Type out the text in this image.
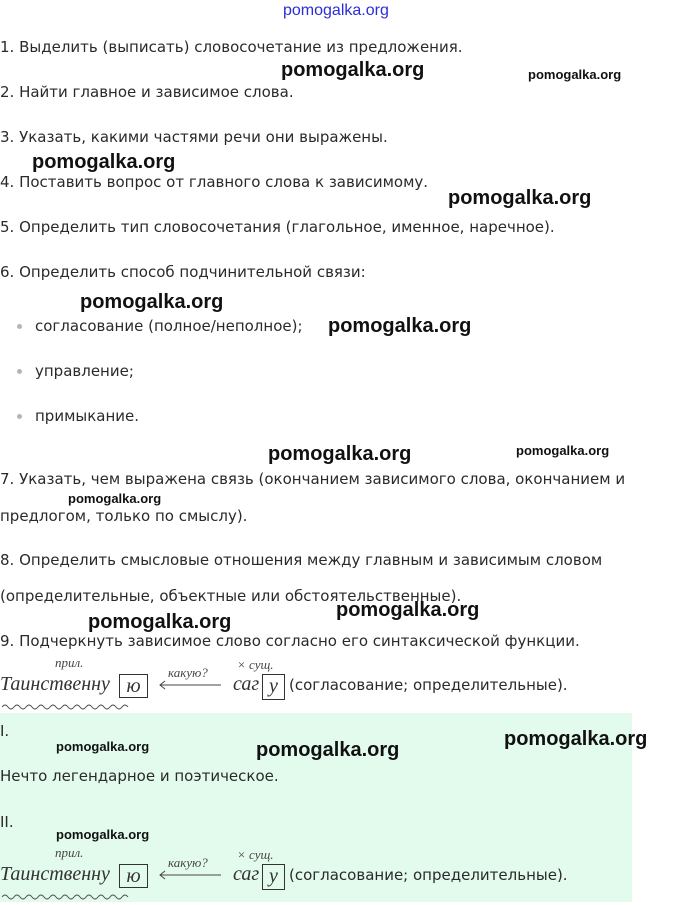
pomogalka.org
1. Выделить (выписать) словосочетание из предложения.
2. Найти главное и зависимое слова.
3. Указать, какими частями речи они выражены.
4. Поставить вопрос от главного слова к зависимому.
5. Определить тип словосочетания (глагольное, именное, наречное).
6. Определить способ подчинительной связи:
согласование (полное/неполное);
управление;
примыкание.
7. Указать, чем выражена связь (окончанием зависимого слова, окончанием и
предлогом, только по смыслу).
8. Определить смысловые отношения между главным и зависимым словом
(определительные, объектные или обстоятельственные).
9. Подчеркнуть зависимое слово согласно его синтаксической функции.
прил.
какую?
× сущ.
Таинственну ю	саг у (согласование; определительные).
I.
Нечто легендарное и поэтическое.
II.
прил.
какую?
× сущ.
Таинственну ю	саг у (согласование; определительные).
pomogalka.org	pomogalka.org
pomogalka.org
pomogalka.org
pomogalka.org
pomogalka.org
pomogalka.org	pomogalka.org
pomogalka.org
pomogalka.org
pomogalka.org
pomogalka.org	pomogalka.org	pomogalka.org
pomogalka.org
